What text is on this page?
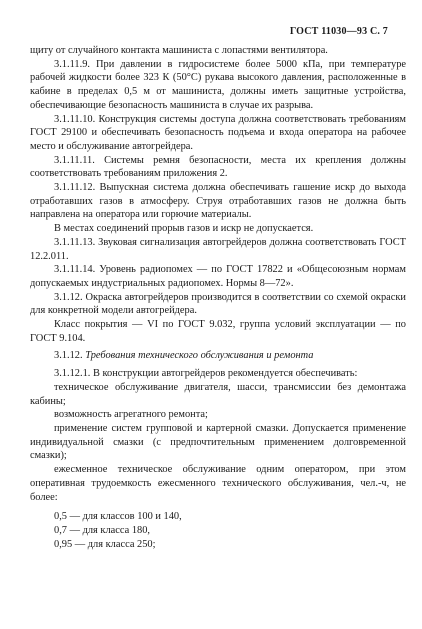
ГОСТ 11030—93 С. 7

щиту от случайного контакта машиниста с лопастями вентилятора.

3.1.11.9. При давлении в гидросистеме более 5000 кПа, при температуре рабочей жидкости более 323 К (50°С) рукава высокого давления, расположенные в кабине в пределах 0,5 м от машиниста, должны иметь защитные устройства, обеспечивающие безопасность машиниста в случае их разрыва.

3.1.11.10. Конструкция системы доступа должна соответствовать требованиям ГОСТ 29100 и обеспечивать безопасность подъема и входа оператора на рабочее место и обслуживание автогрейдера.

3.1.11.11. Системы ремня безопасности, места их крепления должны соответствовать требованиям приложения 2.

3.1.11.12. Выпускная система должна обеспечивать гашение искр до выхода отработавших газов в атмосферу. Струя отработавших газов не должна быть направлена на оператора или горючие материалы.

В местах соединений прорыв газов и искр не допускается.

3.1.11.13. Звуковая сигнализация автогрейдеров должна соответствовать ГОСТ 12.2.011.

3.1.11.14. Уровень радиопомех — по ГОСТ 17822 и «Общесоюзным нормам допускаемых индустриальных радиопомех. Нормы 8—72».

3.1.12. Окраска автогрейдеров производится в соответствии со схемой окраски для конкретной модели автогрейдера.

Класс покрытия — VI по ГОСТ 9.032, группа условий эксплуатации — по ГОСТ 9.104.

3.1.12. Требования технического обслуживания и ремонта

3.1.12.1. В конструкции автогрейдеров рекомендуется обеспечивать:

техническое обслуживание двигателя, шасси, трансмиссии без демонтажа кабины;

возможность агрегатного ремонта;

применение систем групповой и картерной смазки. Допускается применение индивидуальной смазки (с предпочтительным применением долговременной смазки);

ежесменное техническое обслуживание одним оператором, при этом оперативная трудоемкость ежесменного технического обслуживания, чел.-ч, не более:

0,5 — для классов 100 и 140,

0,7 — для класса 180,

0,95 — для класса 250;
